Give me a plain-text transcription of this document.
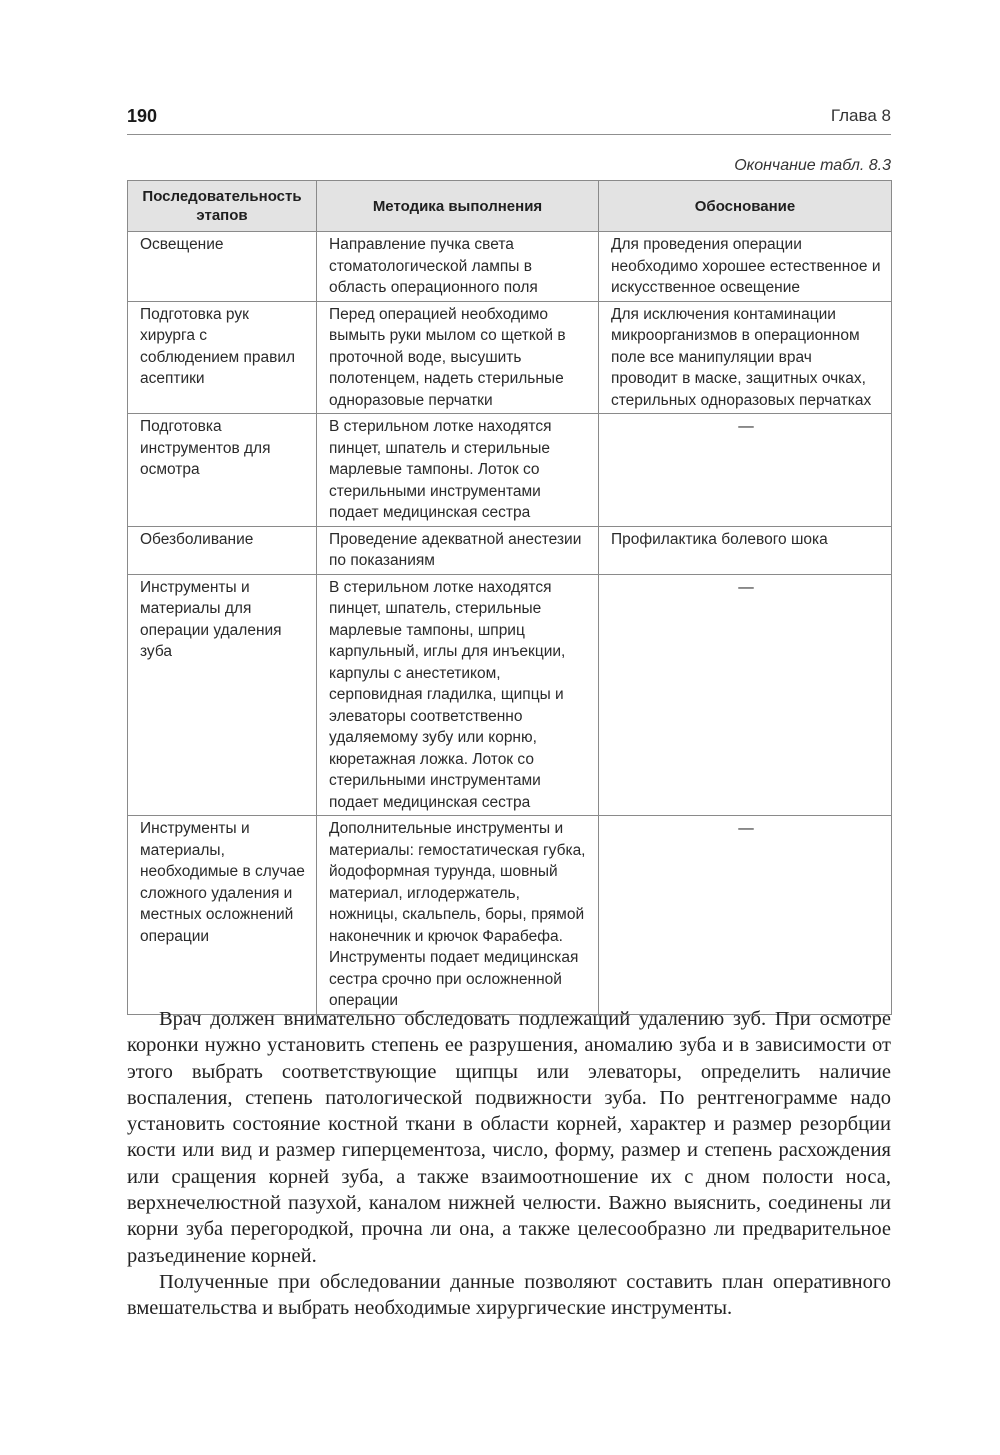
190	Глава 8
Окончание табл. 8.3
Последовательность этапов	Методика выполнения	Обоснование
Освещение	Направление пучка света стоматологической лампы в область операционного поля	Для проведения операции необходимо хорошее естественное и искусственное освещение
Подготовка рук хирурга с соблюдением правил асептики	Перед операцией необходимо вымыть руки мылом со щеткой в проточной воде, высушить полотенцем, надеть стерильные одноразовые перчатки	Для исключения контаминации микроорганизмов в операционном поле все манипуляции врач проводит в маске, защитных очках, стерильных одноразовых перчатках
Подготовка инструментов для осмотра	В стерильном лотке находятся пинцет, шпатель и стерильные марлевые тампоны. Лоток со стерильными инструментами подает медицинская сестра	—
Обезболивание	Проведение адекватной анестезии по показаниям	Профилактика болевого шока
Инструменты и материалы для операции удаления зуба	В стерильном лотке находятся пинцет, шпатель, стерильные марлевые тампоны, шприц карпульный, иглы для инъекции, карпулы с анестетиком, серповидная гладилка, щипцы и элеваторы соответственно удаляемому зубу или корню, кюретажная ложка. Лоток со стерильными инструментами подает медицинская сестра	—
Инструменты и материалы, необходимые в случае сложного удаления и местных осложнений операции	Дополнительные инструменты и материалы: гемостатическая губка, йодоформная турунда, шовный материал, иглодержатель, ножницы, скальпель, боры, прямой наконечник и крючок Фарабефа. Инструменты подает медицинская сестра срочно при осложненной операции	—

Врач должен внимательно обследовать подлежащий удалению зуб. При осмотре коронки нужно установить степень ее разрушения, аномалию зуба и в зависимости от этого выбрать соответствующие щипцы или элеваторы, определить наличие воспаления, степень патологической подвижности зуба. По рентгенограмме надо установить состояние костной ткани в области корней, характер и размер резорбции кости или вид и размер гиперцементоза, число, форму, размер и степень расхождения или сращения корней зуба, а также взаимоотношение их с дном полости носа, верхнечелюстной пазухой, каналом нижней челюсти. Важно выяснить, соединены ли корни зуба перегородкой, прочна ли она, а также целесообразно ли предварительное разъединение корней.

Полученные при обследовании данные позволяют составить план оперативного вмешательства и выбрать необходимые хирургические инструменты.
